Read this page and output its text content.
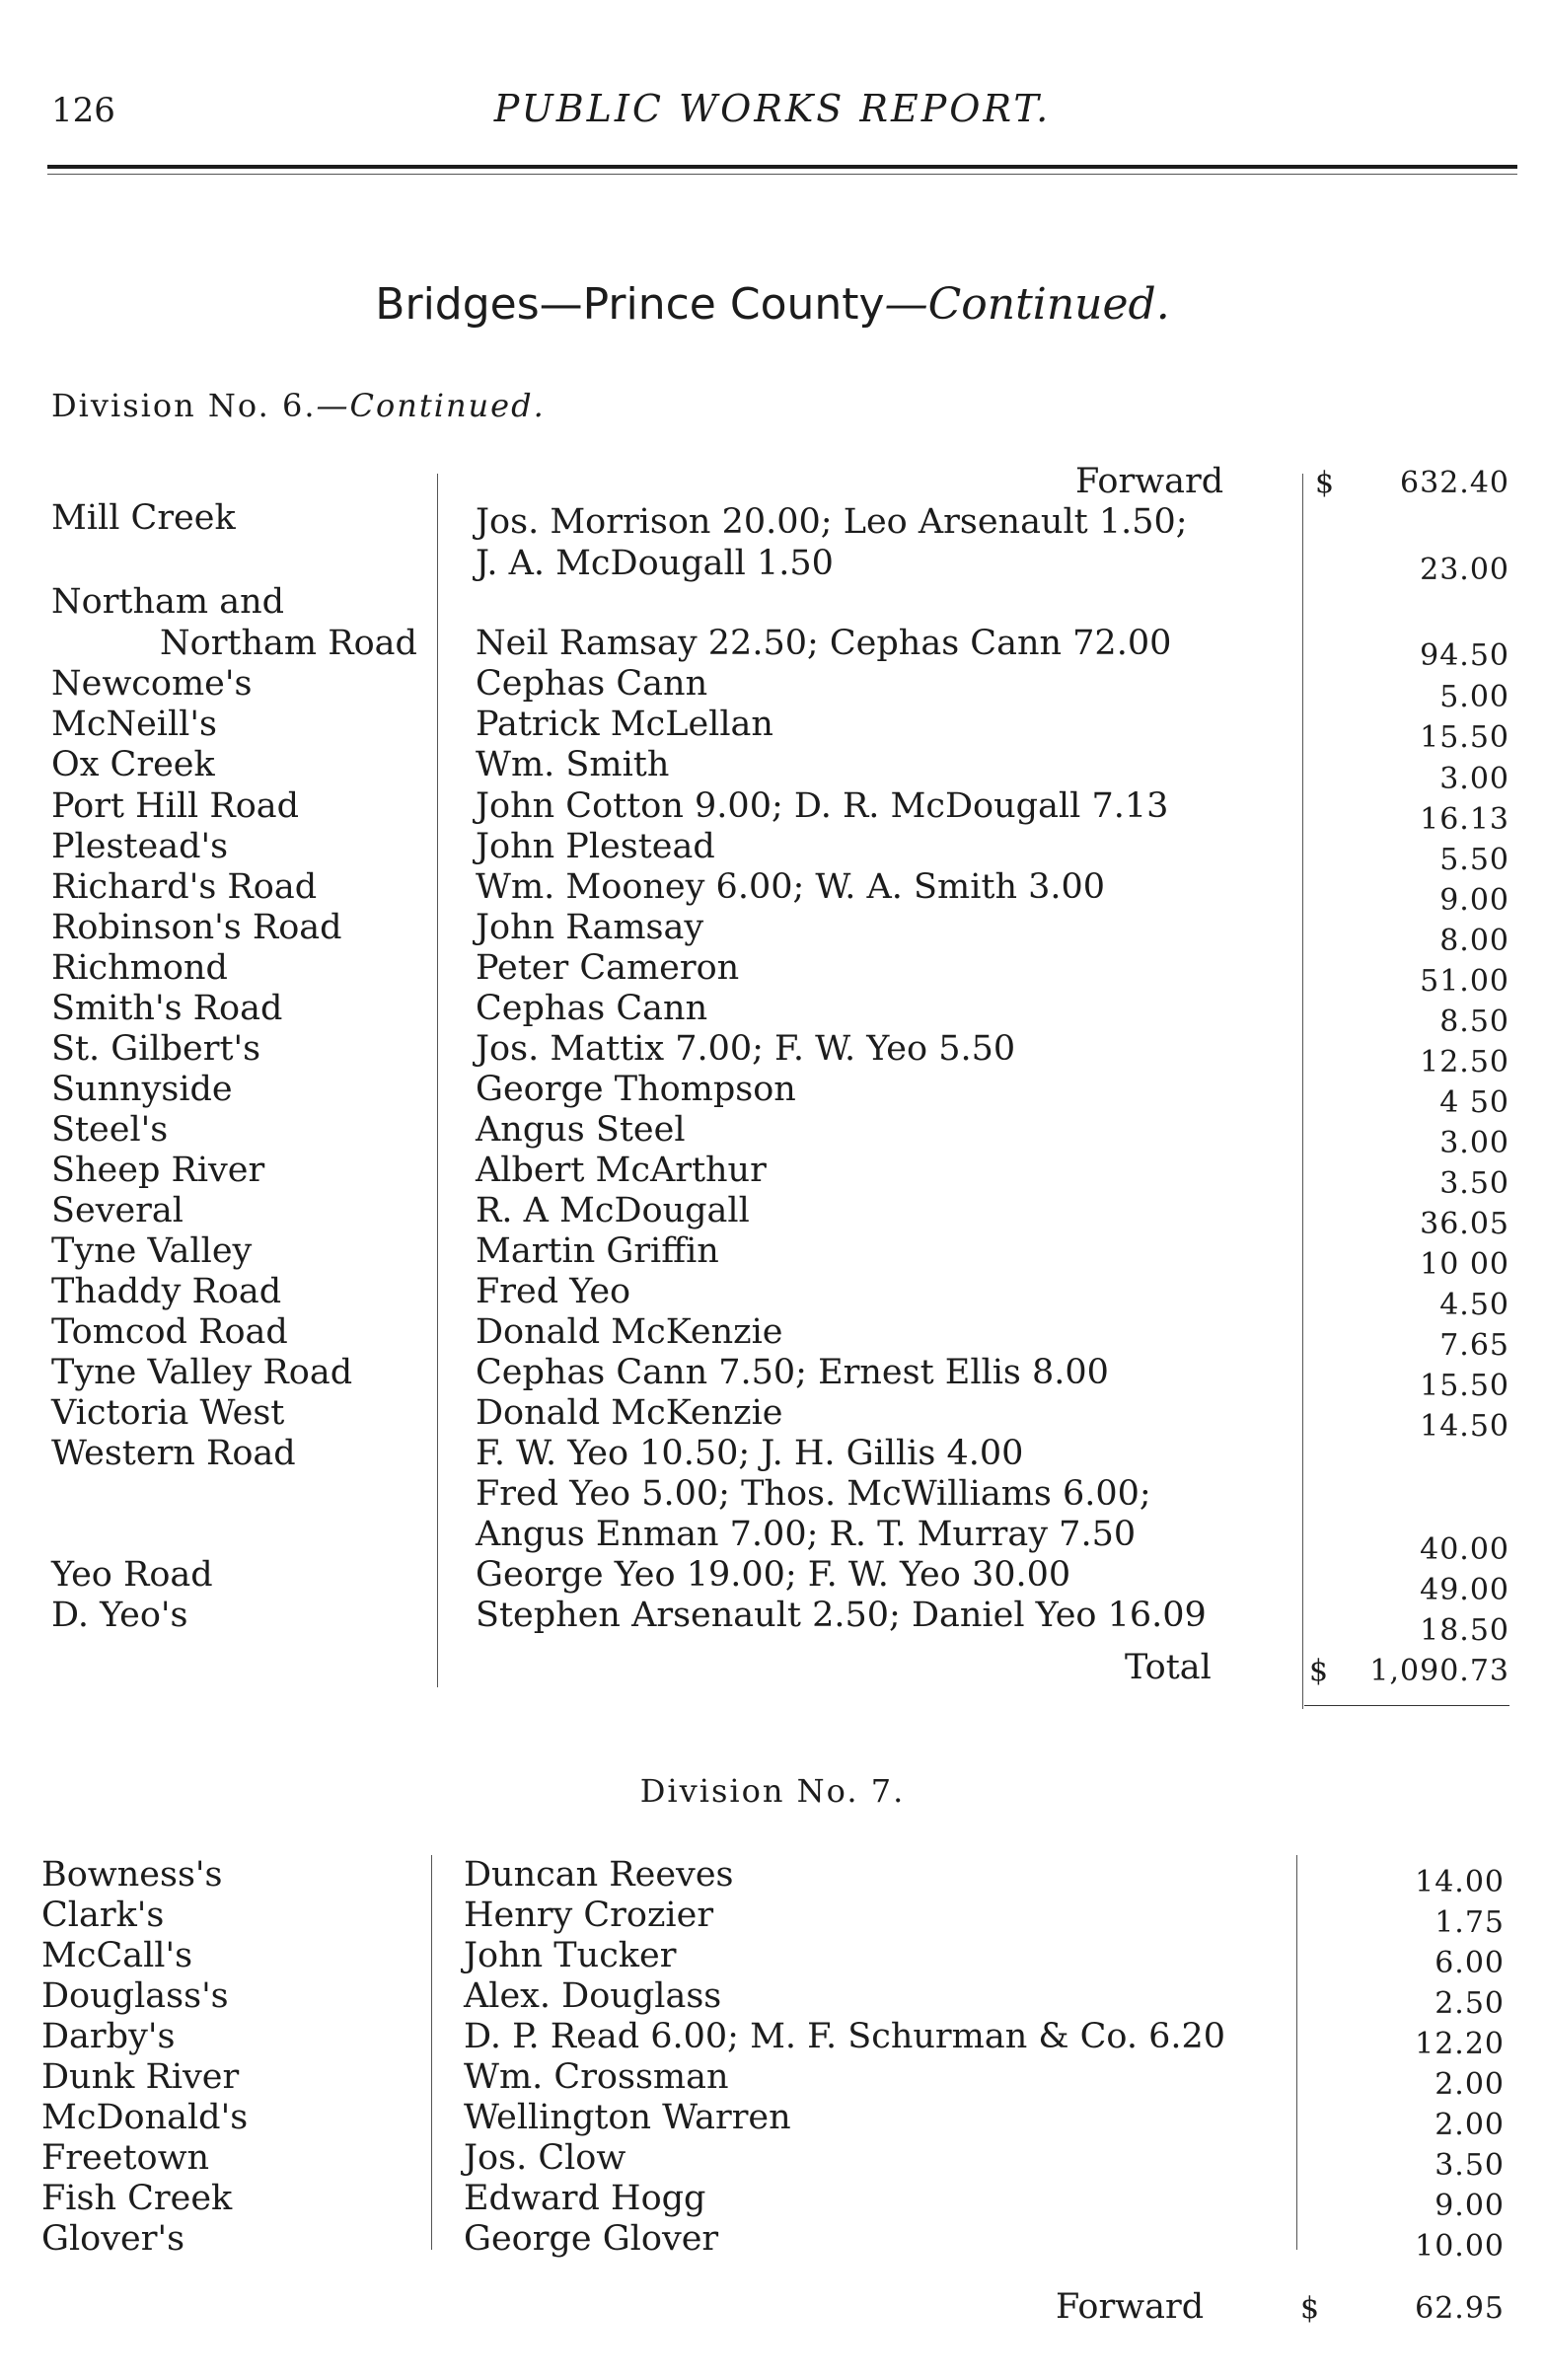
126	PUBLIC WORKS REPORT.
Bridges—Prince County—Continued.
Division No. 6.—Continued.
Forward	$	632.40
Mill Creek	Jos. Morrison 20.00; Leo Arsenault 1.50;
J. A. McDougall 1.50	23.00
Northam and
Northam Road Neil Ramsay 22.50; Cephas Cann 72.00	94.50
Newcome's	Cephas Cann	5.00
McNeill's	Patrick McLellan	15.50
Ox Creek	Wm. Smith	3.00
Port Hill Road	John Cotton 9.00; D. R. McDougall 7.13	16.13
Plestead's	John Plestead	5.50
Richard's Road	Wm. Mooney 6.00; W. A. Smith 3.00	9.00
Robinson's Road	John Ramsay	8.00
Richmond	Peter Cameron	51.00
Smith's Road	Cephas Cann	8.50
St. Gilbert's	Jos. Mattix 7.00; F. W. Yeo 5.50	12.50
Sunnyside	George Thompson	4 50
Steel's	Angus Steel	3.00
Sheep River	Albert McArthur	3.50
Several	R. A McDougall	36.05
Tyne Valley	Martin Griffin	10 00
Thaddy Road	Fred Yeo	4.50
Tomcod Road	Donald McKenzie	7.65
Tyne Valley Road	Cephas Cann 7.50; Ernest Ellis 8.00	15.50
Victoria West	Donald McKenzie	14.50
Western Road	F. W. Yeo 10.50; J. H. Gillis 4.00
Fred Yeo 5.00; Thos. McWilliams 6.00;
Angus Enman 7.00; R. T. Murray 7.50	40.00
Yeo Road	George Yeo 19.00; F. W. Yeo 30.00	49.00
D. Yeo's	Stephen Arsenault 2.50; Daniel Yeo 16.09	18.50
Total	$	1,090.73
Division No. 7.
Bowness's	Duncan Reeves	14.00
Clark's	Henry Crozier	1.75
McCall's	John Tucker	6.00
Douglass's	Alex. Douglass	2.50
Darby's	D. P. Read 6.00; M. F. Schurman & Co. 6.20	12.20
Dunk River	Wm. Crossman	2.00
McDonald's	Wellington Warren	2.00
Freetown	Jos. Clow	3.50
Fish Creek	Edward Hogg	9.00
Glover's	George Glover	10.00
Forward	$	62.95
